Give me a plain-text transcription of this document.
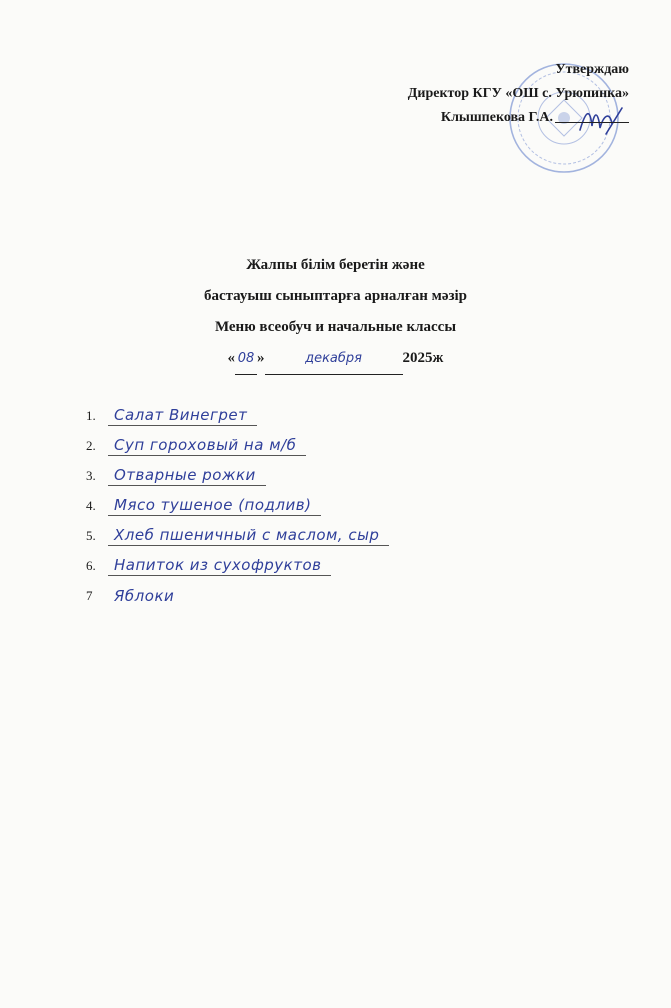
Утверждаю
Директор КГУ «ОШ с. Урюпинка»
Клышпекова Г.А.
Жалпы білім беретін және
бастауыш сыныптарға арналған мәзір
Меню всеобуч и начальные классы
« 08 »	декабря	2025ж
1.	Салат Винегрет
2.	Суп гороховый на м/б
3.	Отварные рожки
4.	Мясо тушеное (подлив)
5.	Хлеб пшеничный с маслом, сыр
6.	Напиток из сухофруктов
7	Яблоки
